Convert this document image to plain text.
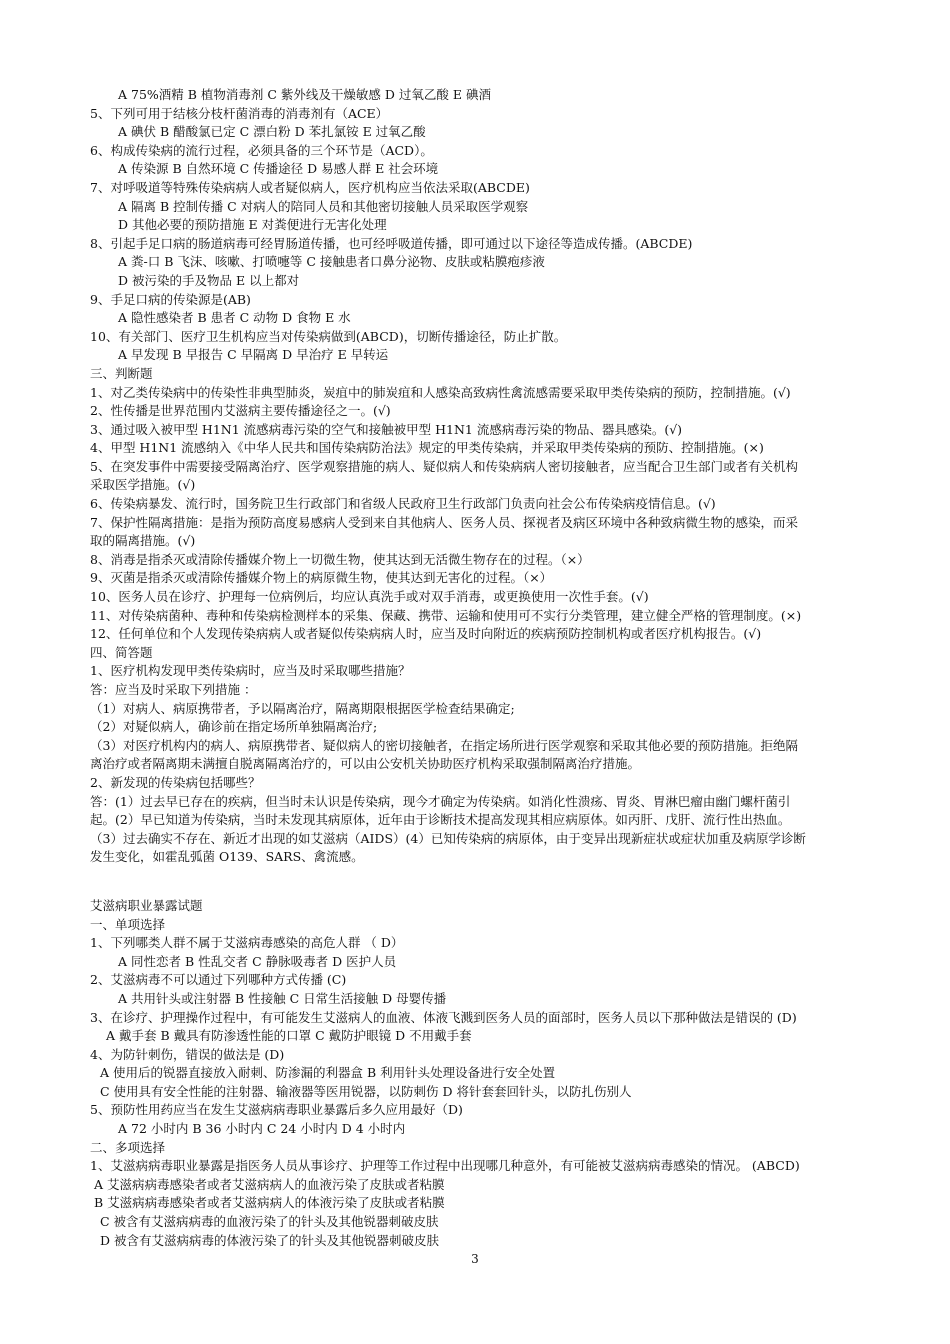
A 75%酒精 B 植物消毒剂 C 紫外线及干燥敏感 D 过氧乙酸 E 碘酒
5、下列可用于结核分枝杆菌消毒的消毒剂有（ACE）
A 碘伏 B 醋酸氯已定 C 漂白粉 D 苯扎氯铵 E 过氧乙酸
6、构成传染病的流行过程，必须具备的三个环节是（ACD）。
A 传染源 B 自然环境 C 传播途径 D 易感人群 E 社会环境
7、对呼吸道等特殊传染病病人或者疑似病人，医疗机构应当依法采取(ABCDE)
A 隔离 B 控制传播 C 对病人的陪同人员和其他密切接触人员采取医学观察
D 其他必要的预防措施 E 对粪便进行无害化处理
8、引起手足口病的肠道病毒可经胃肠道传播，也可经呼吸道传播，即可通过以下途径等造成传播。(ABCDE)
A 粪-口 B 飞沫、咳嗽、打喷嚏等 C 接触患者口鼻分泌物、皮肤或粘膜疱疹液
D 被污染的手及物品 E 以上都对
9、手足口病的传染源是(AB)
A 隐性感染者 B 患者 C 动物 D 食物 E 水
10、有关部门、医疗卫生机构应当对传染病做到(ABCD)，切断传播途径，防止扩散。
A 早发现 B 早报告 C 早隔离 D 早治疗 E 早转运
三、判断题
1、对乙类传染病中的传染性非典型肺炎，炭疽中的肺炭疽和人感染高致病性禽流感需要采取甲类传染病的预防，控制措施。(√)
2、性传播是世界范围内艾滋病主要传播途径之一。(√)
3、通过吸入被甲型 H1N1 流感病毒污染的空气和接触被甲型 H1N1 流感病毒污染的物品、器具感染。(√)
4、甲型 H1N1 流感纳入《中华人民共和国传染病防治法》规定的甲类传染病，并采取甲类传染病的预防、控制措施。(×)
5、在突发事件中需要接受隔离治疗、医学观察措施的病人、疑似病人和传染病病人密切接触者，应当配合卫生部门或者有关机构
采取医学措施。(√)
6、传染病暴发、流行时，国务院卫生行政部门和省级人民政府卫生行政部门负责向社会公布传染病疫情信息。(√)
7、保护性隔离措施：是指为预防高度易感病人受到来自其他病人、医务人员、探视者及病区环境中各种致病微生物的感染，而采
取的隔离措施。(√)
8、消毒是指杀灭或清除传播媒介物上一切微生物，使其达到无活微生物存在的过程。（×）
9、灭菌是指杀灭或清除传播媒介物上的病原微生物，使其达到无害化的过程。（×）
10、医务人员在诊疗、护理每一位病例后，均应认真洗手或对双手消毒，或更换使用一次性手套。(√)
11、对传染病菌种、毒种和传染病检测样本的采集、保藏、携带、运输和使用可不实行分类管理，建立健全严格的管理制度。(×)
12、任何单位和个人发现传染病病人或者疑似传染病病人时，应当及时向附近的疾病预防控制机构或者医疗机构报告。(√)
四、简答题
1、医疗机构发现甲类传染病时，应当及时采取哪些措施？
答：应当及时采取下列措施 ：
（1）对病人、病原携带者，予以隔离治疗，隔离期限根据医学检查结果确定;
（2）对疑似病人，确诊前在指定场所单独隔离治疗;
（3）对医疗机构内的病人、病原携带者、疑似病人的密切接触者，在指定场所进行医学观察和采取其他必要的预防措施。拒绝隔
离治疗或者隔离期未满擅自脱离隔离治疗的，可以由公安机关协助医疗机构采取强制隔离治疗措施。
2、新发现的传染病包括哪些？
答：(1）过去早已存在的疾病，但当时未认识是传染病，现今才确定为传染病。如消化性溃疡、胃炎、胃淋巴瘤由幽门螺杆菌引
起。(2）早已知道为传染病，当时未发现其病原体，近年由于诊断技术提高发现其相应病原体。如丙肝、戊肝、流行性出热血。
（3）过去确实不存在、新近才出现的如艾滋病（AIDS）(4）已知传染病的病原体，由于变异出现新症状或症状加重及病原学诊断
发生变化，如霍乱弧菌 O139、SARS、禽流感。
艾滋病职业暴露试题
一、单项选择
1、下列哪类人群不属于艾滋病毒感染的高危人群 （ D）
A 同性恋者 B 性乱交者 C 静脉吸毒者 D 医护人员
2、艾滋病毒不可以通过下列哪种方式传播 (C)
A 共用针头或注射器 B 性接触 C 日常生活接触 D 母婴传播
3、在诊疗、护理操作过程中，有可能发生艾滋病人的血液、体液飞溅到医务人员的面部时，医务人员以下那种做法是错误的 (D)
A 戴手套 B 戴具有防渗透性能的口罩 C 戴防护眼镜 D 不用戴手套
4、为防针刺伤，错误的做法是 (D)
A 使用后的锐器直接放入耐刺、防渗漏的利器盒 B 利用针头处理设备进行安全处置
C 使用具有安全性能的注射器、输液器等医用锐器，以防刺伤 D 将针套套回针头，以防扎伤别人
5、预防性用药应当在发生艾滋病病毒职业暴露后多久应用最好（D)
A 72 小时内 B 36 小时内 C 24 小时内 D 4 小时内
二、多项选择
1、艾滋病病毒职业暴露是指医务人员从事诊疗、护理等工作过程中出现哪几种意外，有可能被艾滋病病毒感染的情况。 (ABCD)
A 艾滋病病毒感染者或者艾滋病病人的血液污染了皮肤或者粘膜
B 艾滋病病毒感染者或者艾滋病病人的体液污染了皮肤或者粘膜
C 被含有艾滋病病毒的血液污染了的针头及其他锐器刺破皮肤
D 被含有艾滋病病毒的体液污染了的针头及其他锐器刺破皮肤
3
